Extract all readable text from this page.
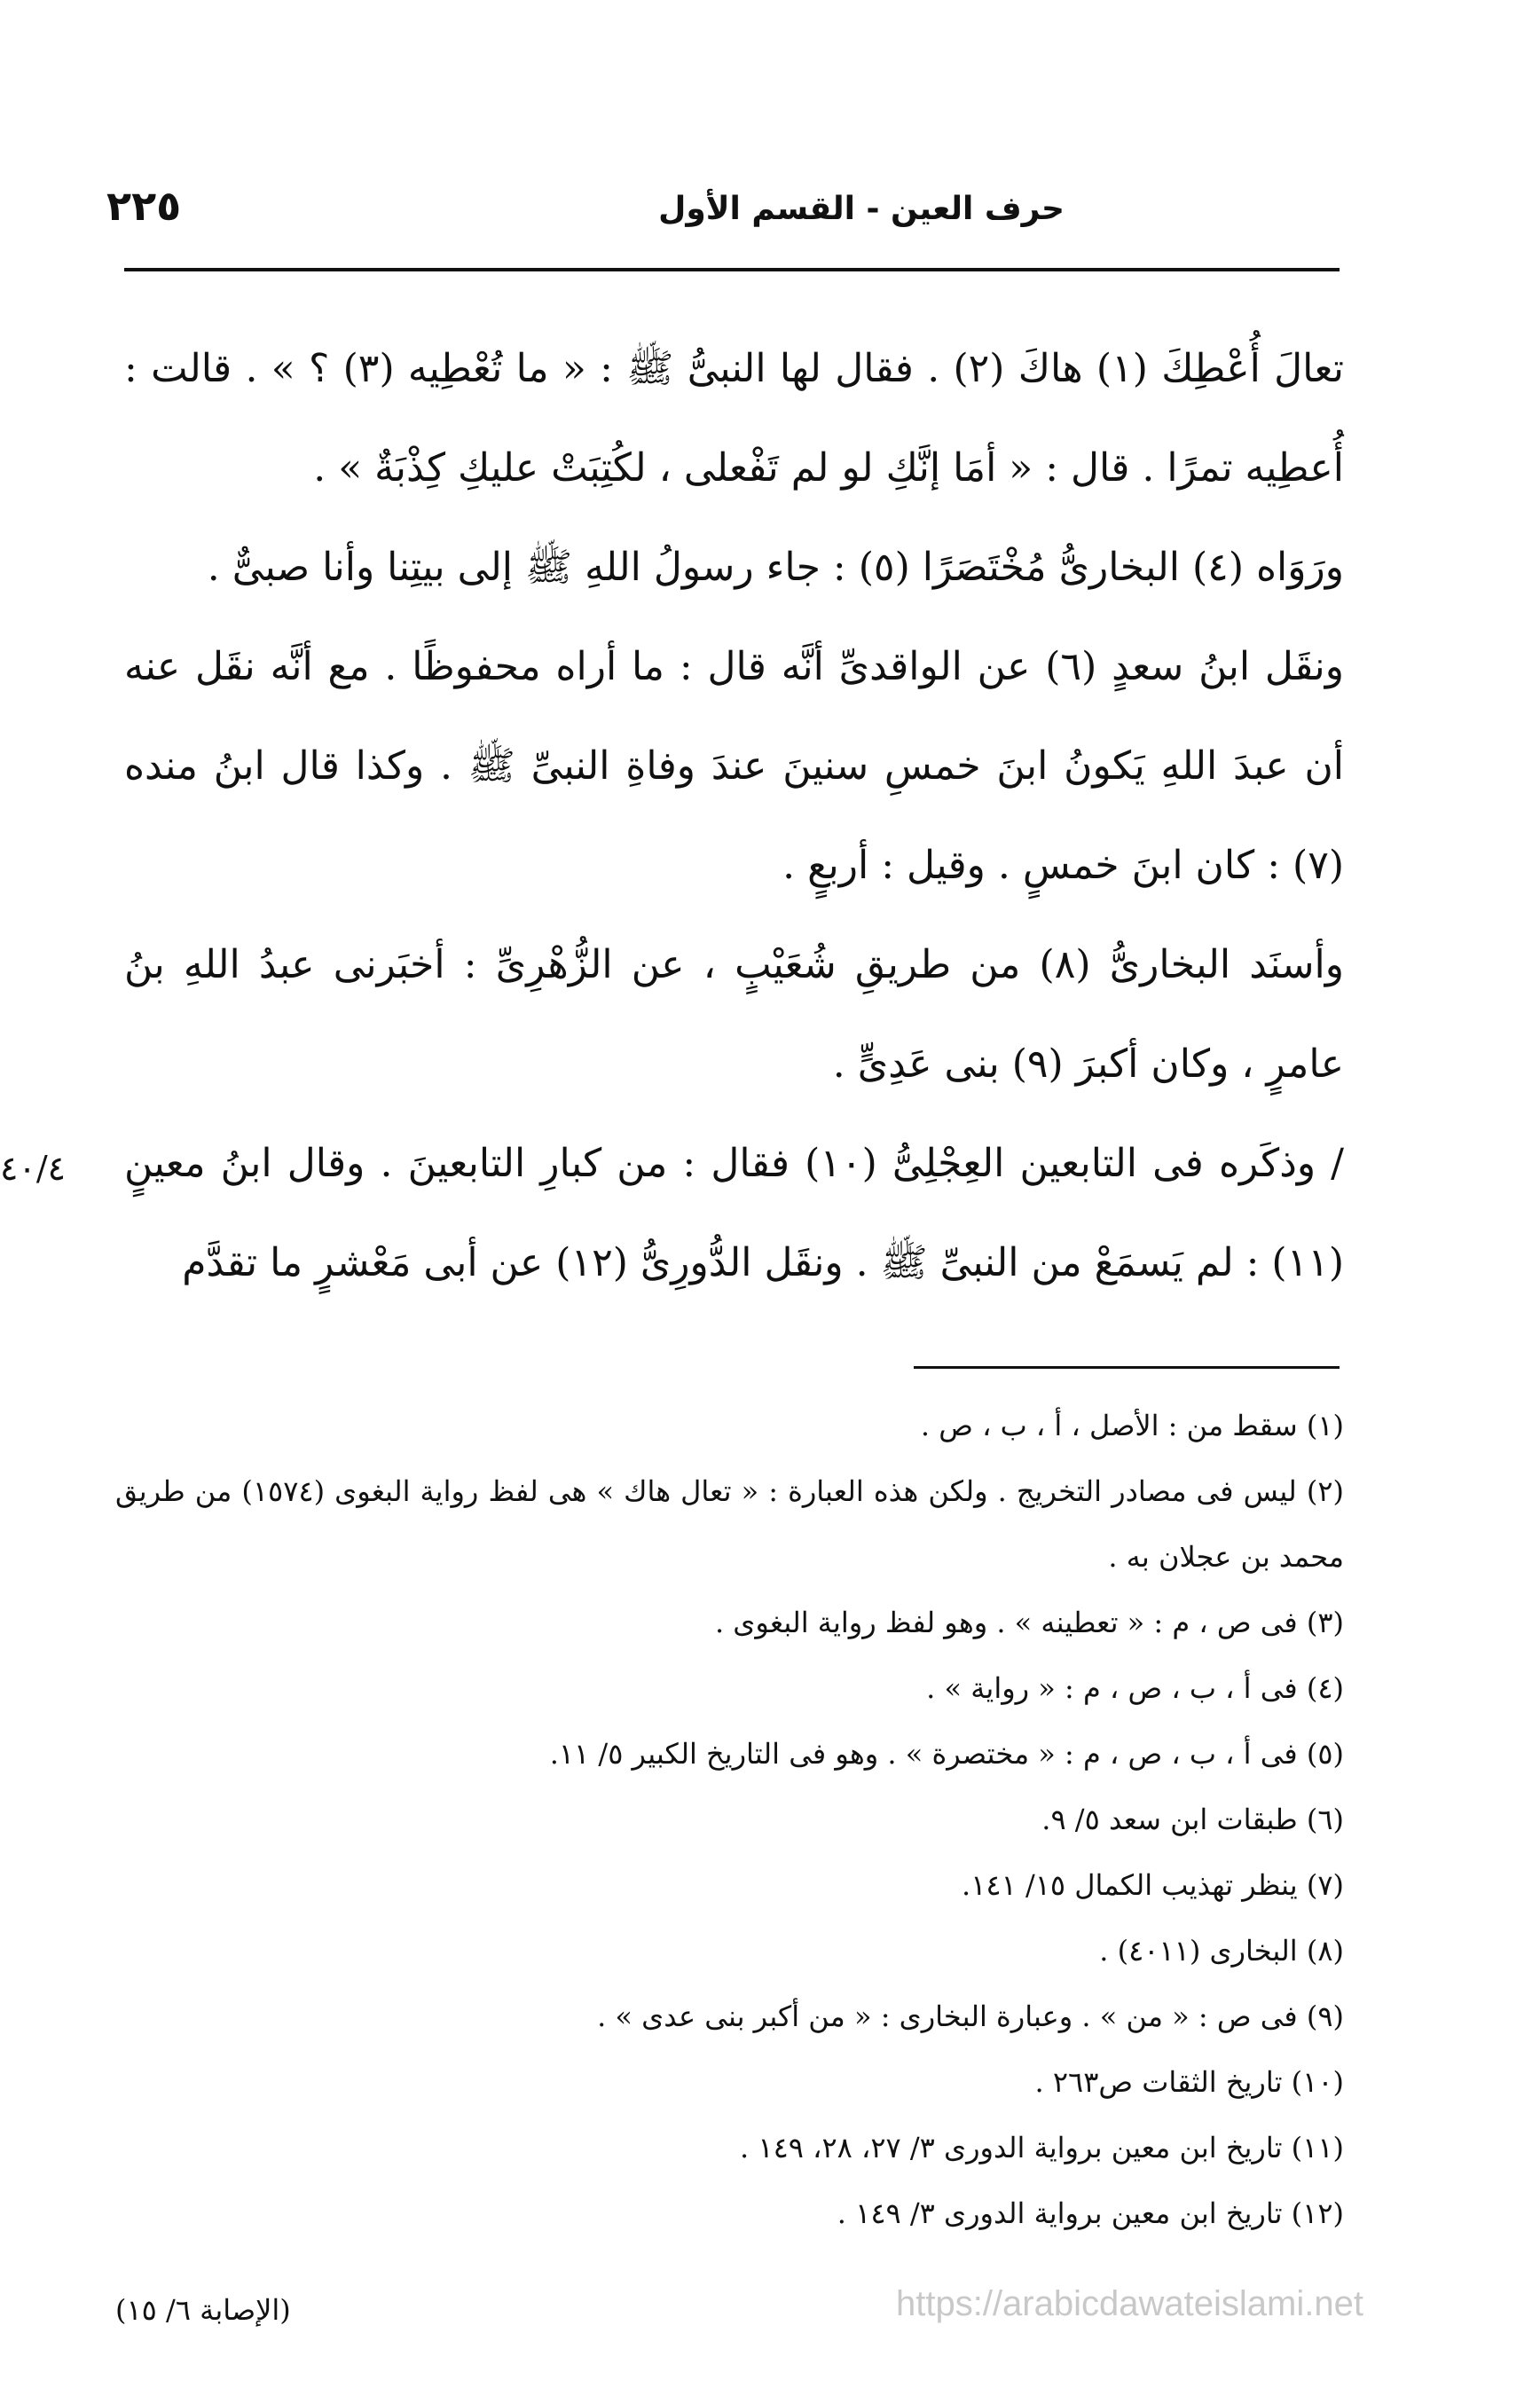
حرف العين - القسم الأول
٢٢٥

تعالَ أُعْطِكَ (١) هاكَ (٢) . فقال لها النبىُّ ﷺ : « ما تُعْطِيه (٣) ؟ » . قالت : أُعطِيه تمرًا . قال : « أمَا إنَّكِ لو لم تَفْعلى ، لكُتِبَتْ عليكِ كِذْبَةٌ » .

ورَوَاه (٤) البخارىُّ مُخْتَصَرًا (٥) : جاء رسولُ اللهِ ﷺ إلى بيتِنا وأنا صبىٌّ .

ونقَل ابنُ سعدٍ (٦) عن الواقدىِّ أنَّه قال : ما أراه محفوظًا . مع أنَّه نقَل عنه أن عبدَ اللهِ يَكونُ ابنَ خمسِ سنينَ عندَ وفاةِ النبىِّ ﷺ . وكذا قال ابنُ منده (٧) : كان ابنَ خمسٍ . وقيل : أربعٍ .

وأسنَد البخارىُّ (٨) من طريقِ شُعَيْبٍ ، عن الزُّهْرِىِّ : أخبَرنى عبدُ اللهِ بنُ عامرٍ ، وكان أكبرَ (٩) بنى عَدِىٍّ .

/ وذكَره فى التابعين العِجْلِىُّ (١٠) فقال : من كبارِ التابعينَ . وقال ابنُ معينٍ (١١) : لم يَسمَعْ من النبىِّ ﷺ . ونقَل الدُّورِىُّ (١٢) عن أبى مَعْشرٍ ما تقدَّم

٤٠/٤

(١) سقط من : الأصل ، أ ، ب ، ص .

(٢) ليس فى مصادر التخريج . ولكن هذه العبارة : « تعال هاك » هى لفظ رواية البغوى (١٥٧٤) من طريق محمد بن عجلان به .

(٣) فى ص ، م : « تعطينه » . وهو لفظ رواية البغوى .

(٤) فى أ ، ب ، ص ، م : « رواية » .

(٥) فى أ ، ب ، ص ، م : « مختصرة » . وهو فى التاريخ الكبير ٥/ ١١.

(٦) طبقات ابن سعد ٥/ ٩.

(٧) ينظر تهذيب الكمال ١٥/ ١٤١.

(٨) البخارى (٤٠١١) .

(٩) فى ص : « من » . وعبارة البخارى : « من أكبر بنى عدى » .

(١٠) تاريخ الثقات ص٢٦٣ .

(١١) تاريخ ابن معين برواية الدورى ٣/ ٢٧، ٢٨، ١٤٩ .

(١٢) تاريخ ابن معين برواية الدورى ٣/ ١٤٩ .

(الإصابة ٦/ ١٥)	https://arabicdawateislami.net
